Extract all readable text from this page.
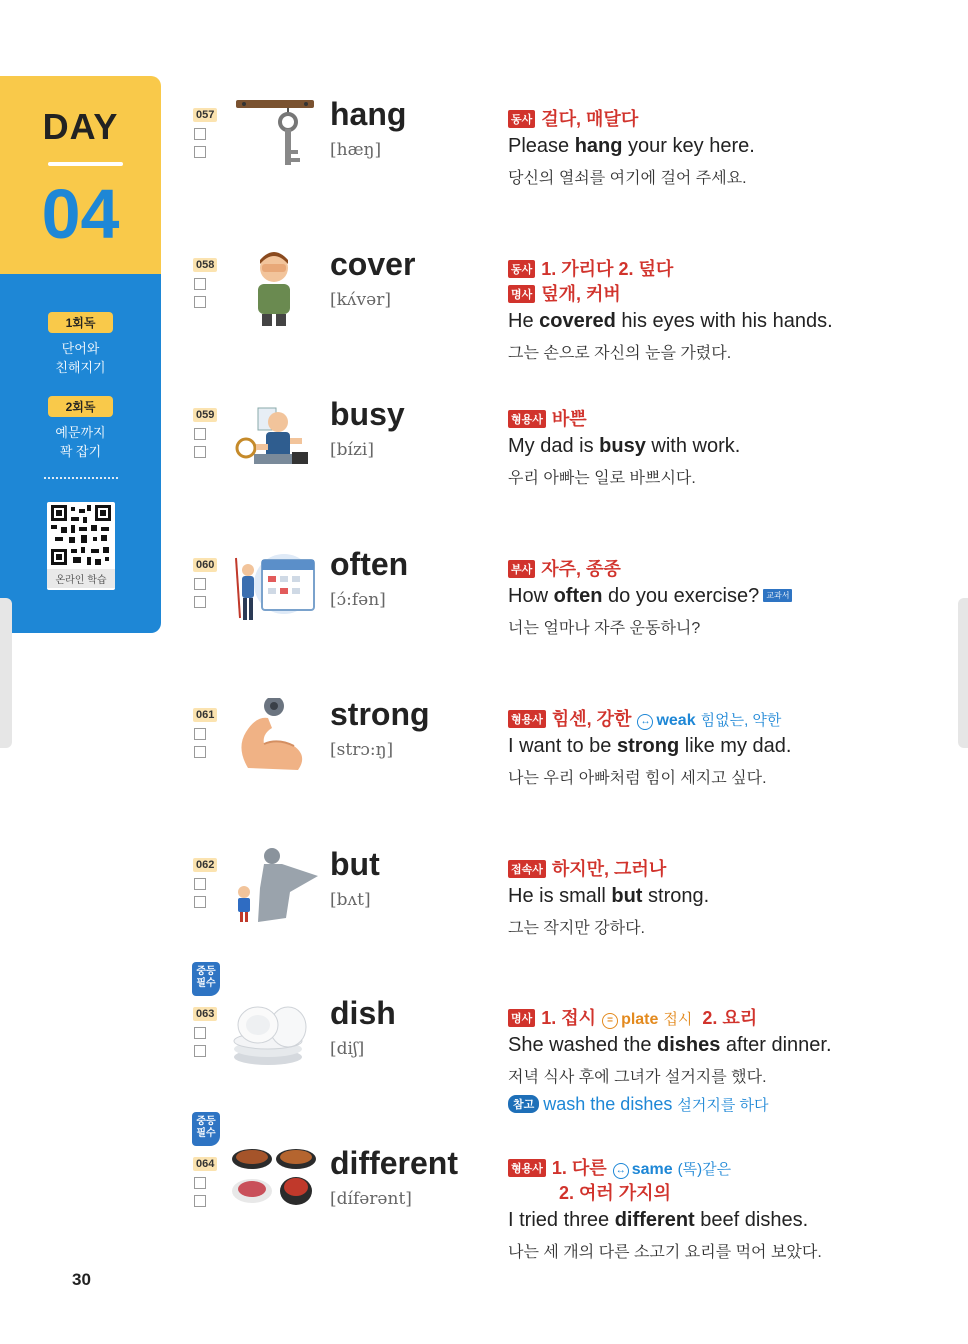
DAY
04
1회독
단어와
친해지기
2회독
예문까지
꽉 잡기
온라인 학습
057	hang
[hæŋ]
동사 걸다, 매달다
Please hang your key here.
당신의 열쇠를 여기에 걸어 주세요.
058	cover
[kʌ́vər]
동사 1. 가리다 2. 덮다
명사 덮개, 커버
He covered his eyes with his hands.
그는 손으로 자신의 눈을 가렸다.
059	busy
[bízi]
형용사 바쁜
My dad is busy with work.
우리 아빠는 일로 바쁘시다.
060	often
[ɔ́:fən]
부사 자주, 종종
How often do you exercise? 교과서
너는 얼마나 자주 운동하니?
061	strong
[strɔ:ŋ]
형용사 힘센, 강한 ↔ weak 힘없는, 약한
I want to be strong like my dad.
나는 우리 아빠처럼 힘이 세지고 싶다.
062	but
[bʌt]
접속사 하지만, 그러나
He is small but strong.
그는 작지만 강하다.
중등
필수
063	dish
[diʃ]
명사 1. 접시 = plate 접시 2. 요리
She washed the dishes after dinner.
저녁 식사 후에 그녀가 설거지를 했다.
참고 wash the dishes 설거지를 하다
중등
필수
064	different
[dífərənt]
형용사 1. 다른 ↔ same (똑)같은
2. 여러 가지의
I tried three different beef dishes.
나는 세 개의 다른 소고기 요리를 먹어 보았다.
30
